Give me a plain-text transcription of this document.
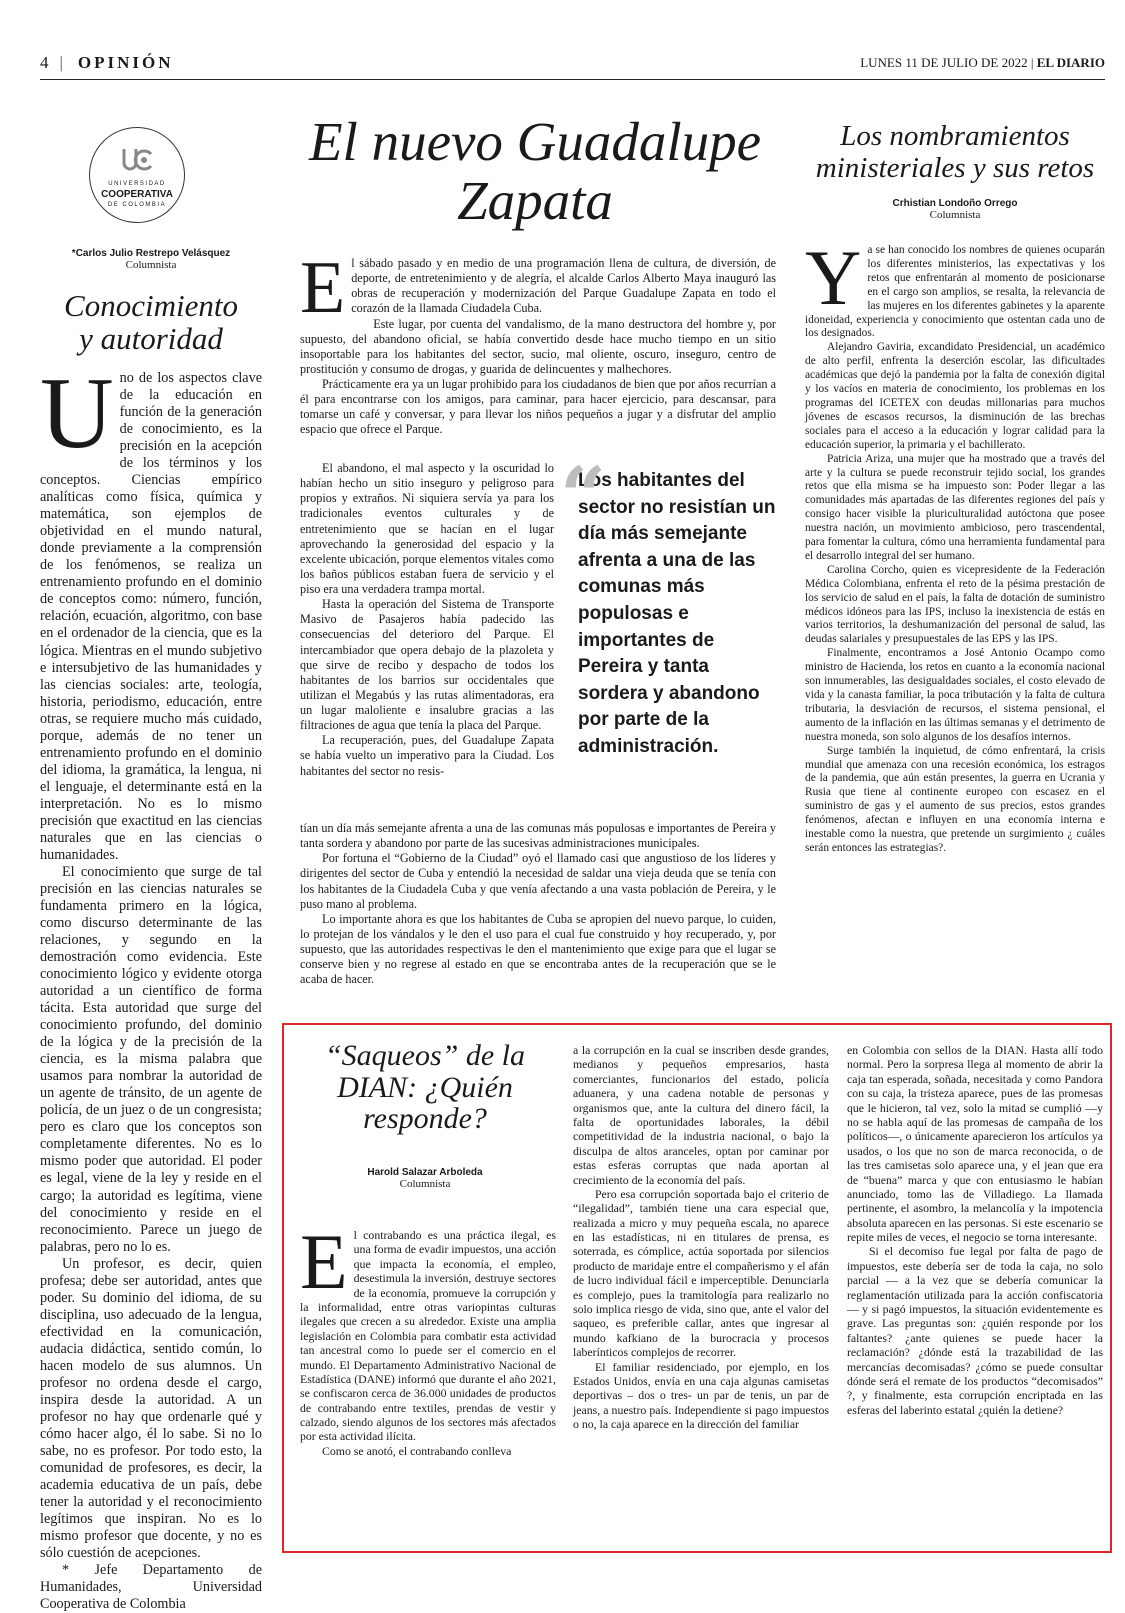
4 | OPINIÓN	LUNES 11 DE JULIO DE 2022 | EL DIARIO
UNIVERSIDAD
COOPERATIVA
DE COLOMBIA
*Carlos Julio Restrepo Velásquez
Columnista
Conocimiento
y autoridad
U no de los aspectos clave de la educación en función de la generación de conocimiento, es la precisión en la acepción de los términos y los conceptos. Ciencias empírico analíticas como física, química y matemática, son ejemplos de objetividad en el mundo natural, donde previamente a la comprensión de los fenómenos, se realiza un entrenamiento profundo en el dominio de conceptos como: número, función, relación, ecuación, algoritmo, con base en el ordenador de la ciencia, que es la lógica. Mientras en el mundo subjetivo e intersubjetivo de las humanidades y las ciencias sociales: arte, teología, historia, periodismo, educación, entre otras, se requiere mucho más cuidado, porque, además de no tener un entrenamiento profundo en el dominio del idioma, la gramática, la lengua, ni el lenguaje, el determinante está en la interpretación. No es lo mismo precisión que exactitud en las ciencias naturales que en las ciencias o humanidades.

El conocimiento que surge de tal precisión en las ciencias naturales se fundamenta primero en la lógica, como discurso determinante de las relaciones, y segundo en la demostración como evidencia. Este conocimiento lógico y evidente otorga autoridad a un científico de forma tácita. Esta autoridad que surge del conocimiento profundo, del dominio de la lógica y de la precisión de la ciencia, es la misma palabra que usamos para nombrar la autoridad de un agente de tránsito, de un agente de policía, de un juez o de un congresista; pero es claro que los conceptos son completamente diferentes. No es lo mismo poder que autoridad. El poder es legal, viene de la ley y reside en el cargo; la autoridad es legítima, viene del conocimiento y reside en el reconocimiento. Parece un juego de palabras, pero no lo es.

Un profesor, es decir, quien profesa; debe ser autoridad, antes que poder. Su dominio del idioma, de su disciplina, uso adecuado de la lengua, efectividad en la comunicación, audacia didáctica, sentido común, lo hacen modelo de sus alumnos. Un profesor no ordena desde el cargo, inspira desde la autoridad. A un profesor no hay que ordenarle qué y cómo hacer algo, él lo sabe. Si no lo sabe, no es profesor. Por todo esto, la comunidad de profesores, es decir, la academia educativa de un país, debe tener la autoridad y el reconocimiento legítimos que inspiran. No es lo mismo profesor que docente, y no es sólo cuestión de acepciones.

* Jefe Departamento de Humanidades, Universidad Cooperativa de Colombia

El nuevo Guadalupe
Zapata
E l sábado pasado y en medio de una programación llena de cultura, de diversión, de deporte, de entretenimiento y de alegría, el alcalde Carlos Alberto Maya inauguró las obras de recuperación y modernización del Parque Guadalupe Zapata en todo el corazón de la llamada Ciudadela Cuba.

Este lugar, por cuenta del vandalismo, de la mano destructora del hombre y, por supuesto, del abandono oficial, se había convertido desde hace mucho tiempo en un sitio insoportable para los habitantes del sector, sucio, mal oliente, oscuro, inseguro, centro de prostitución y consumo de drogas, y guarida de delincuentes y malhechores.

Prácticamente era ya un lugar prohibido para los ciudadanos de bien que por años recurrían a él para encontrarse con los amigos, para caminar, para hacer ejercicio, para descansar, para tomarse un café y conversar, y para llevar los niños pequeños a jugar y a disfrutar del amplio espacio que ofrece el Parque.

El abandono, el mal aspecto y la oscuridad lo habían hecho un sitio inseguro y peligroso para propios y extraños. Ni siquiera servía ya para los tradicionales eventos culturales y de entretenimiento que se hacían en el lugar aprovechando la generosidad del espacio y la excelente ubicación, porque elementos vitales como los baños públicos estaban fuera de servicio y el piso era una verdadera trampa mortal.

Hasta la operación del Sistema de Transporte Masivo de Pasajeros había padecido las consecuencias del deterioro del Parque. El intercambiador que opera debajo de la plazoleta y que sirve de recibo y despacho de todos los habitantes de los barrios sur occidentales que utilizan el Megabús y las rutas alimentadoras, era un lugar maloliente e insalubre gracias a las filtraciones de agua que tenía la placa del Parque.

La recuperación, pues, del Guadalupe Zapata se había vuelto un imperativo para la Ciudad. Los habitantes del sector no resis-

“
Los habitantes del sector no resistían un día más semejante afrenta a una de las comunas más populosas e importantes de Pereira y tanta sordera y abandono por parte de la administración.

tían un día más semejante afrenta a una de las comunas más populosas e importantes de Pereira y tanta sordera y abandono por parte de las sucesivas administraciones municipales.

Por fortuna el “Gobierno de la Ciudad” oyó el llamado casi que angustioso de los líderes y dirigentes del sector de Cuba y entendió la necesidad de saldar una vieja deuda que se tenía con los habitantes de la Ciudadela Cuba y que venía afectando a una vasta población de Pereira, y le puso mano al problema.

Lo importante ahora es que los habitantes de Cuba se apropien del nuevo parque, lo cuiden, lo protejan de los vándalos y le den el uso para el cual fue construido y hoy recuperado, y, por supuesto, que las autoridades respectivas le den el mantenimiento que exige para que el lugar se conserve bien y no regrese al estado en que se encontraba antes de la recuperación que se le acaba de hacer.

Los nombramientos
ministeriales y sus retos
Crhistian Londoño Orrego
Columnista
Y a se han conocido los nombres de quienes ocuparán los diferentes ministerios, las expectativas y los retos que enfrentarán al momento de posicionarse en el cargo son amplios, se resalta, la relevancia de las mujeres en los diferentes gabinetes y la aparente idoneidad, experiencia y conocimiento que ostentan cada uno de los designados.

Alejandro Gaviria, excandidato Presidencial, un académico de alto perfil, enfrenta la deserción escolar, las dificultades académicas que dejó la pandemia por la falta de conexión digital y los vacíos en materia de conocimiento, los problemas en los programas del ICETEX con deudas millonarias para muchos jóvenes de escasos recursos, la disminución de las brechas sociales para el acceso a la educación y lograr calidad para la educación superior, la primaria y el bachillerato.

Patricia Ariza, una mujer que ha mostrado que a través del arte y la cultura se puede reconstruir tejido social, los grandes retos que ella misma se ha impuesto son: Poder llegar a las comunidades más apartadas de las diferentes regiones del país y consigo hacer visible la pluriculturalidad autóctona que posee nuestra nación, un movimiento ambicioso, pero trascendental, para fomentar la cultura, cómo una herramienta fundamental para el desarrollo integral del ser humano.

Carolina Corcho, quien es vicepresidente de la Federación Médica Colombiana, enfrenta el reto de la pésima prestación de los servicio de salud en el país, la falta de dotación de suministro médicos idóneos para las IPS, incluso la inexistencia de estás en varios territorios, la deshumanización del personal de salud, las deudas salariales y presupuestales de las EPS y las IPS.

Finalmente, encontramos a José Antonio Ocampo como ministro de Hacienda, los retos en cuanto a la economía nacional son innumerables, las desigualdades sociales, el costo elevado de vida y la canasta familiar, la poca tributación y la falta de cultura tributaria, la desviación de recursos, el sistema pensional, el aumento de la inflación en las últimas semanas y el detrimento de nuestra moneda, son solo algunos de los desafíos internos.

Surge también la inquietud, de cómo enfrentará, la crisis mundial que amenaza con una recesión económica, los estragos de la pandemia, que aún están presentes, la guerra en Ucrania y Rusia que tiene al continente europeo con escasez en el suministro de gas y el aumento de sus precios, estos grandes fenómenos, afectan e influyen en una economía interna e inestable como la nuestra, que pretende un surgimiento ¿ cuáles serán entonces las estrategias?.

“Saqueos” de la
DIAN: ¿Quién
responde?
Harold Salazar Arboleda
Columnista
E l contrabando es una práctica ilegal, es una forma de evadir impuestos, una acción que impacta la economía, el empleo, desestimula la inversión, destruye sectores de la economía, promueve la corrupción y la informalidad, entre otras variopintas culturas ilegales que crecen a su alrededor. Existe una amplia legislación en Colombia para combatir esta actividad tan ancestral como lo puede ser el comercio en el mundo. El Departamento Administrativo Nacional de Estadística (DANE) informó que durante el año 2021, se confiscaron cerca de 36.000 unidades de productos de contrabando entre textiles, prendas de vestir y calzado, siendo algunos de los sectores más afectados por esta actividad ilícita.

Como se anotó, el contrabando conlleva

a la corrupción en la cual se inscriben desde grandes, medianos y pequeños empresarios, hasta comerciantes, funcionarios del estado, policía aduanera, y una cadena notable de personas y organismos que, ante la cultura del dinero fácil, la falta de oportunidades laborales, la débil competitividad de la industria nacional, o bajo la disculpa de altos aranceles, optan por caminar por estas esferas corruptas que nada aportan al crecimiento de la economía del país.

Pero esa corrupción soportada bajo el criterio de “ilegalidad”, también tiene una cara especial que, realizada a micro y muy pequeña escala, no aparece en las estadísticas, ni en titulares de prensa, es soterrada, es cómplice, actúa soportada por silencios producto de maridaje entre el compañerismo y el afán de lucro individual fácil e imperceptible. Denunciarla es complejo, pues la tramitología para realizarlo no solo implica riesgo de vida, sino que, ante el valor del saqueo, es preferible callar, antes que ingresar al mundo kafkiano de la burocracia y procesos laberínticos complejos de recorrer.

El familiar residenciado, por ejemplo, en los Estados Unidos, envía en una caja algunas camisetas deportivas – dos o tres- un par de tenis, un par de jeans, a nuestro país. Independiente si pago impuestos o no, la caja aparece en la dirección del familiar

en Colombia con sellos de la DIAN. Hasta allí todo normal. Pero la sorpresa llega al momento de abrir la caja tan esperada, soñada, necesitada y como Pandora con su caja, la tristeza aparece, pues de las promesas que le hicieron, tal vez, solo la mitad se cumplió —y no se habla aquí de las promesas de campaña de los políticos—, o únicamente aparecieron los artículos ya usados, o los que no son de marca reconocida, o de las tres camisetas solo aparece una, y el jean que era de “buena” marca y que con entusiasmo le habían anunciado, tomo las de Villadiego. La llamada pertinente, el asombro, la melancolía y la impotencia absoluta aparecen en las personas. Si este escenario se repite miles de veces, el negocio se torna interesante.

Si el decomiso fue legal por falta de pago de impuestos, este debería ser de toda la caja, no solo parcial — a la vez que se debería comunicar la reglamentación utilizada para la acción confiscatoria— y si pagó impuestos, la situación evidentemente es grave. Las preguntas son: ¿quién responde por los faltantes? ¿ante quienes se puede hacer la reclamación? ¿dónde está la trazabilidad de las mercancías decomisadas? ¿cómo se puede consultar dónde será el remate de los productos “decomisados” ?, y finalmente, esta corrupción encriptada en las esferas del laberinto estatal ¿quién la detiene?
